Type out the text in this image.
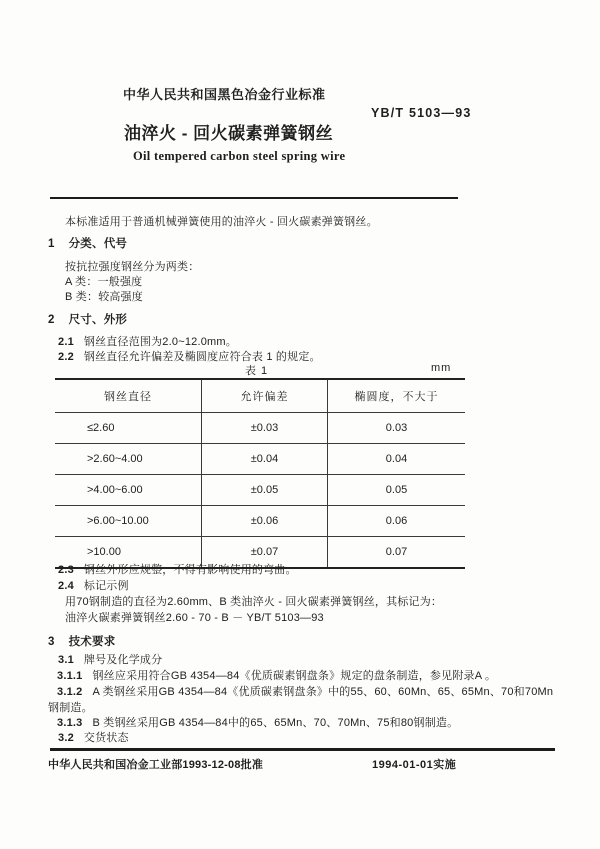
中华人民共和国黑色冶金行业标准
YB/T 5103—93
油淬火 - 回火碳素弹簧钢丝
Oil tempered carbon steel spring wire
本标准适用于普通机械弹簧使用的油淬火 - 回火碳素弹簧钢丝。
1 分类、代号
按抗拉强度钢丝分为两类：
A 类：一般强度
B 类：较高强度
2 尺寸、外形
2.1 钢丝直径范围为2.0~12.0mm。
2.2 钢丝直径允许偏差及椭圆度应符合表 1 的规定。
表 1	mm
钢丝直径	允许偏差	椭圆度，不大于
≤2.60	±0.03	0.03
>2.60~4.00	±0.04	0.04
>4.00~6.00	±0.05	0.05
>6.00~10.00	±0.06	0.06
>10.00	±0.07	0.07
2.3 钢丝外形应规整，不得有影响使用的弯曲。
2.4 标记示例
用70钢制造的直径为2.60mm、B 类油淬火 - 回火碳素弹簧钢丝，其标记为：
油淬火碳素弹簧钢丝2.60 - 70 - B － YB/T 5103—93
3 技术要求
3.1 牌号及化学成分
3.1.1 钢丝应采用符合GB 4354—84《优质碳素钢盘条》规定的盘条制造，参见附录A 。
3.1.2 A 类钢丝采用GB 4354—84《优质碳素钢盘条》中的55、60、60Mn、65、65Mn、70和70Mn
钢制造。
3.1.3 B 类钢丝采用GB 4354—84中的65、65Mn、70、70Mn、75和80钢制造。
3.2 交货状态
中华人民共和国冶金工业部1993-12-08批准	1994-01-01实施
